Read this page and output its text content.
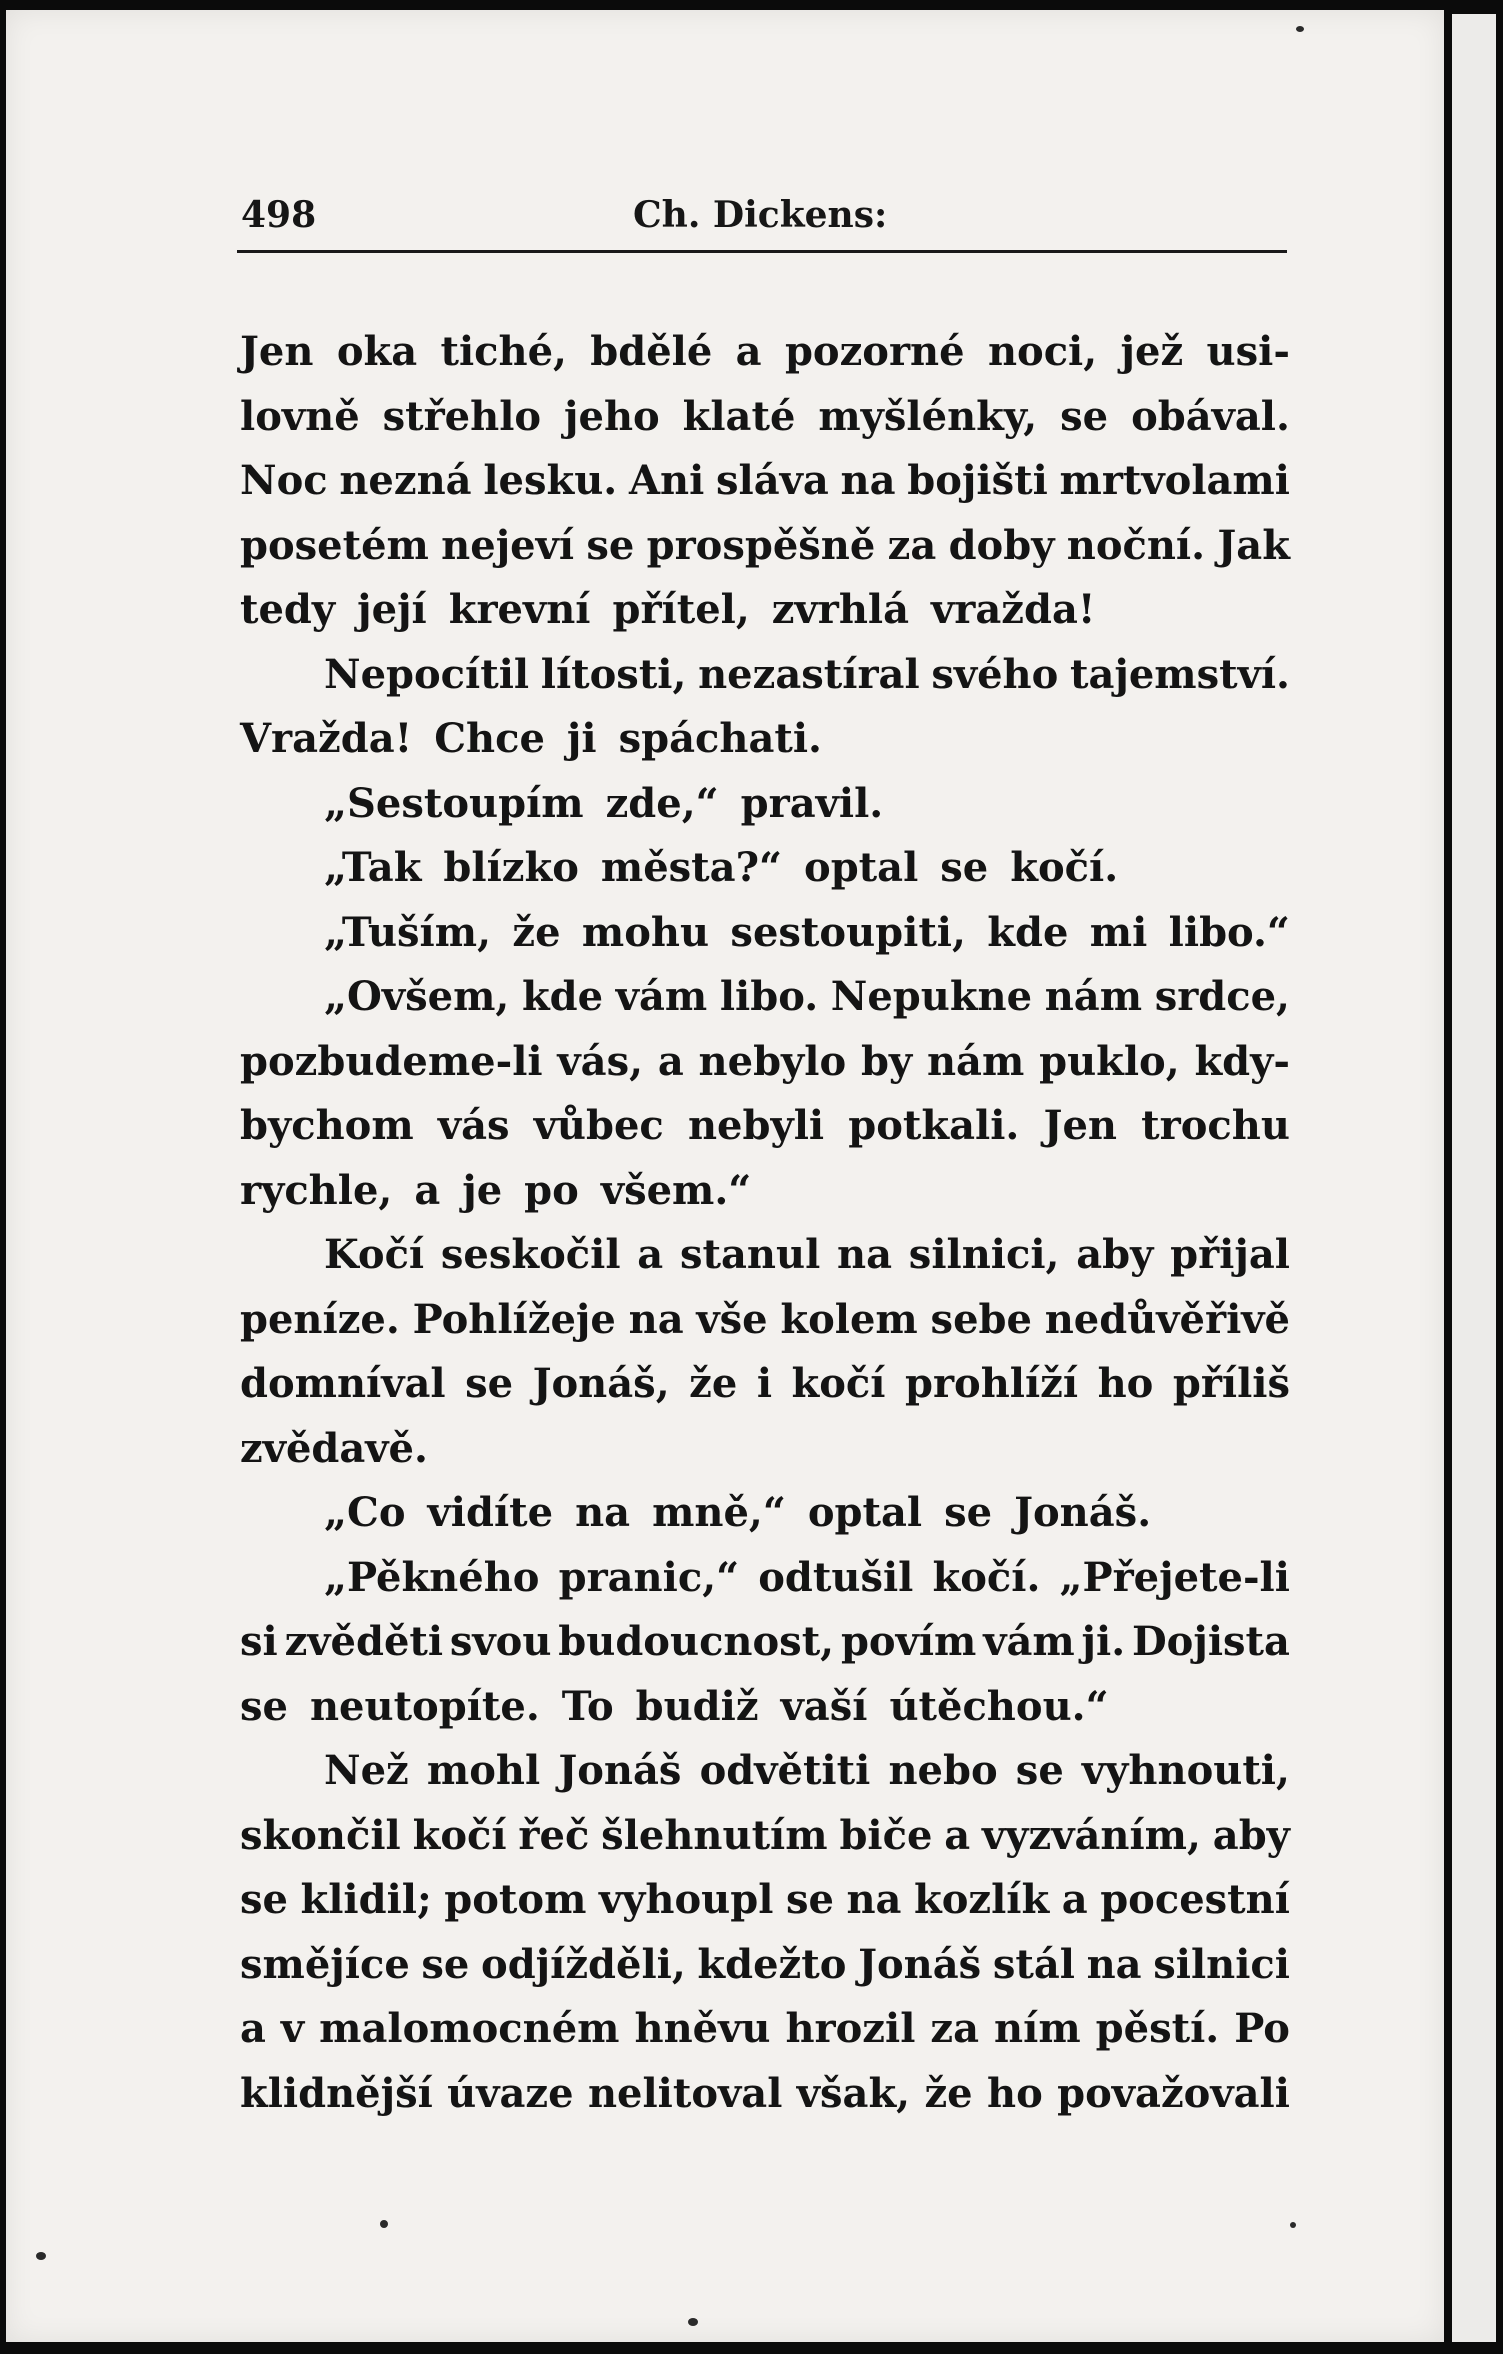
498	Ch. Dickens:
Jen oka tiché, bdělé a pozorné noci, jež usi-
lovně střehlo jeho klaté myšlénky, se obával.
Noc nezná lesku. Ani sláva na bojišti mrtvolami
posetém nejeví se prospěšně za doby noční. Jak
tedy její krevní přítel, zvrhlá vražda!
Nepocítil lítosti, nezastíral svého tajemství.
Vražda! Chce ji spáchati.
„Sestoupím zde,“ pravil.
„Tak blízko města?“ optal se kočí.
„Tuším, že mohu sestoupiti, kde mi libo.“
„Ovšem, kde vám libo. Nepukne nám srdce,
pozbudeme-li vás, a nebylo by nám puklo, kdy-
bychom vás vůbec nebyli potkali. Jen trochu
rychle, a je po všem.“
Kočí seskočil a stanul na silnici, aby přijal
peníze. Pohlížeje na vše kolem sebe nedůvěřivě
domníval se Jonáš, že i kočí prohlíží ho příliš
zvědavě.
„Co vidíte na mně,“ optal se Jonáš.
„Pěkného pranic,“ odtušil kočí. „Přejete-li
si zvěděti svou budoucnost, povím vám ji. Dojista
se neutopíte. To budiž vaší útěchou.“
Než mohl Jonáš odvětiti nebo se vyhnouti,
skončil kočí řeč šlehnutím biče a vyzváním, aby
se klidil; potom vyhoupl se na kozlík a pocestní
smějíce se odjížděli, kdežto Jonáš stál na silnici
a v malomocném hněvu hrozil za ním pěstí. Po
klidnější úvaze nelitoval však, že ho považovali
